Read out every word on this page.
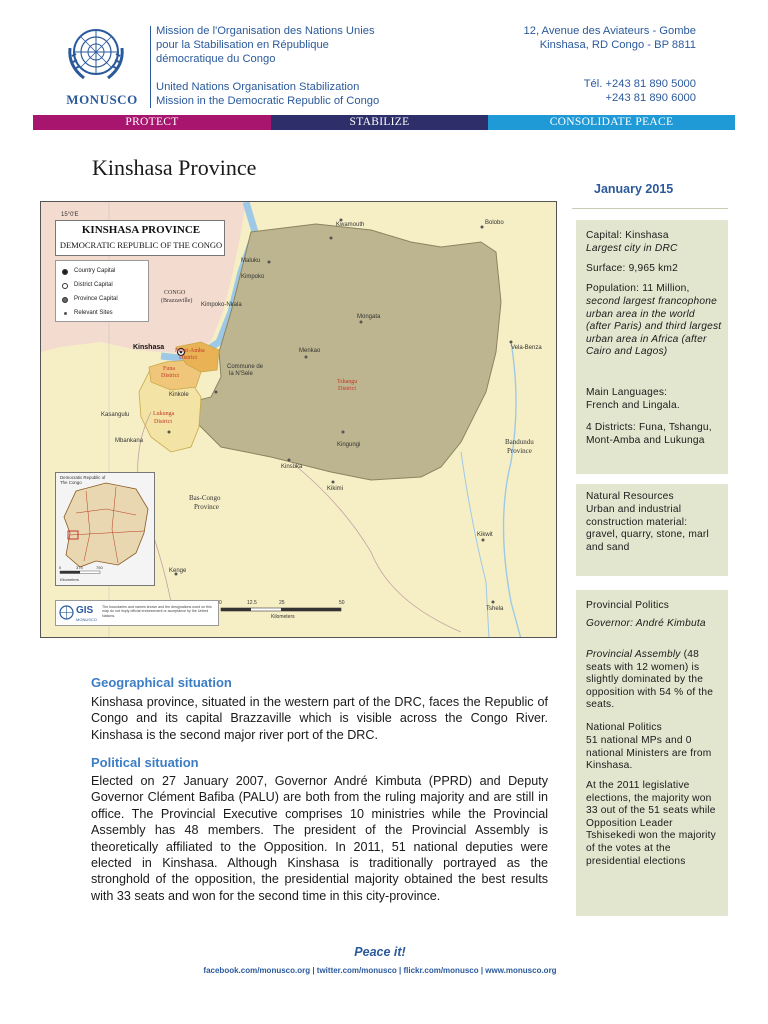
MONUSCO
Mission de l'Organisation des Nations Unies
pour la Stabilisation en République
démocratique du Congo
United Nations Organisation Stabilization
Mission in the Democratic Republic of Congo
12, Avenue des Aviateurs - Gombe
Kinshasa, RD Congo - BP 8811
Tél. +243 81 890 5000
+243 81 890 6000
PROTECT	STABILIZE	CONSOLIDATE PEACE
Kinshasa Province
January 2015
KINSHASA PROVINCE
DEMOCRATIC REPUBLIC OF THE CONGO
Country Capital
District Capital
Province Capital
Relevant Sites
15°0'E
CONGO
(Brazzaville)
Kinshasa Mont-Amba
District
Funa
District
Lukunga
District
Tshangu
District
Kasangulu
Bas-Congo
Province
Bandundu
Province
Kimpoko
Commune de
la N'Sele
Maluku
Mongata
Menkao
Kinkole
Kingungi
Kinsuka
Kikimi
Kimpoko-Nkala
Bolobo
Vela-Benza
Kwamouth
Kenge
Kikwit
Tshela
Mbankana
0	12.5	25	50
Kilometers
Democratic Republic of The Congo
0	375	750
Kilometers
GIS
MONUSCO
The boundaries and names shown and the designations used on this map do not imply official endorsement or acceptance by the United Nations.
Geographical situation
Kinshasa province, situated in the western part of the DRC, faces the Republic of Congo and its capital Brazzaville which is visible across the Congo River. Kinshasa is the second major river port of the DRC.
Political situation
Elected on 27 January 2007, Governor André Kimbuta (PPRD) and Deputy Governor Clément Bafiba (PALU) are both from the ruling majority and are still in office. The Provincial Executive comprises 10 ministries while the Provincial Assembly has 48 members. The president of the Provincial Assembly is theoretically affiliated to the Opposition. In 2011, 51 national deputies were elected in Kinshasa. Although Kinshasa is traditionally portrayed as the stronghold of the opposition, the presidential majority obtained the best results with 33 seats and won for the second time in this city-province.
Capital: Kinshasa
Largest city in DRC
Surface: 9,965 km2
Population: 11 Million,
second largest francophone urban area in the world (after Paris) and third largest urban area in Africa (after Cairo and Lagos)
Main Languages:
French and Lingala.
4 Districts: Funa, Tshangu, Mont-Amba and Lukunga
Natural Resources
Urban and industrial construction material: gravel, quarry, stone, marl and sand
Provincial Politics
Governor: André Kimbuta
Provincial Assembly (48 seats with 12 women) is slightly dominated by the opposition with 54 % of the seats.
National Politics
51 national MPs and 0 national Ministers are from Kinshasa.
At the 2011 legislative elections, the majority won 33 out of the 51 seats while Opposition Leader Tshisekedi won the majority of the votes at the presidential elections
Peace it!
facebook.com/monusco.org | twitter.com/monusco | flickr.com/monusco | www.monusco.org
